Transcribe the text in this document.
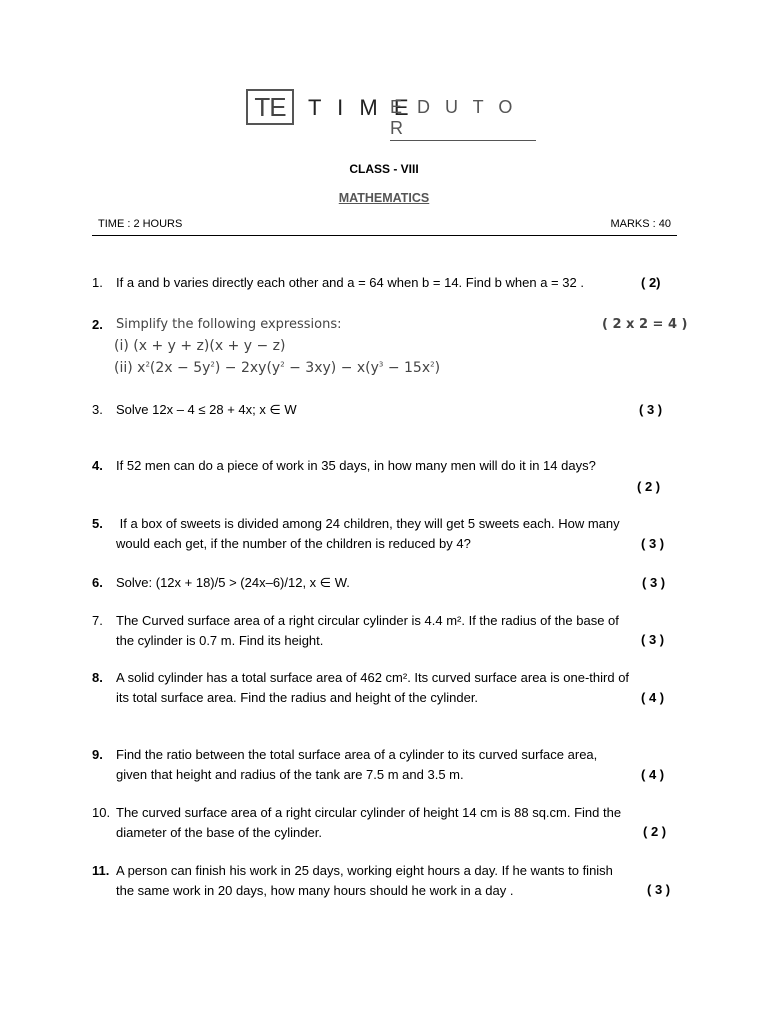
TE T I M E
E D U T O R
CLASS - VIII
MATHEMATICS
TIME : 2 HOURS	MARKS : 40
1.	If a and b varies directly each other and a = 64 when b = 14. Find b when a = 32 .	( 2)
2.	Simplify the following expressions:	( 2 x 2 = 4 )
(i) (x + y + z)(x + y − z)
(ii) $x^2(2x - 5y^2) - 2xy(y^2 - 3xy) - x(y^3 - 15x^2)$
3.	Solve 12x – 4 ≤ 28 + 4x; x ∈ W	( 3 )
4.	If 52 men can do a piece of work in 35 days, in how many men will do it in 14 days?
( 2 )
5.	If a box of sweets is divided among 24 children, they will get 5 sweets each. How many
would each get, if the number of the children is reduced by 4?	( 3 )
6.	Solve: (12x + 18)/5 > (24x–6)/12, x ∈ W.	( 3 )
7.	The Curved surface area of a right circular cylinder is 4.4 m². If the radius of the base of
the cylinder is 0.7 m. Find its height.	( 3 )
8.	A solid cylinder has a total surface area of 462 cm². Its curved surface area is one-third of
its total surface area. Find the radius and height of the cylinder.	( 4 )
9.	Find the ratio between the total surface area of a cylinder to its curved surface area,
given that height and radius of the tank are 7.5 m and 3.5 m.	( 4 )
10. The curved surface area of a right circular cylinder of height 14 cm is 88 sq.cm. Find the
diameter of the base of the cylinder.	( 2 )
11. A person can finish his work in 25 days, working eight hours a day. If he wants to finish
the same work in 20 days, how many hours should he work in a day .	( 3 )
